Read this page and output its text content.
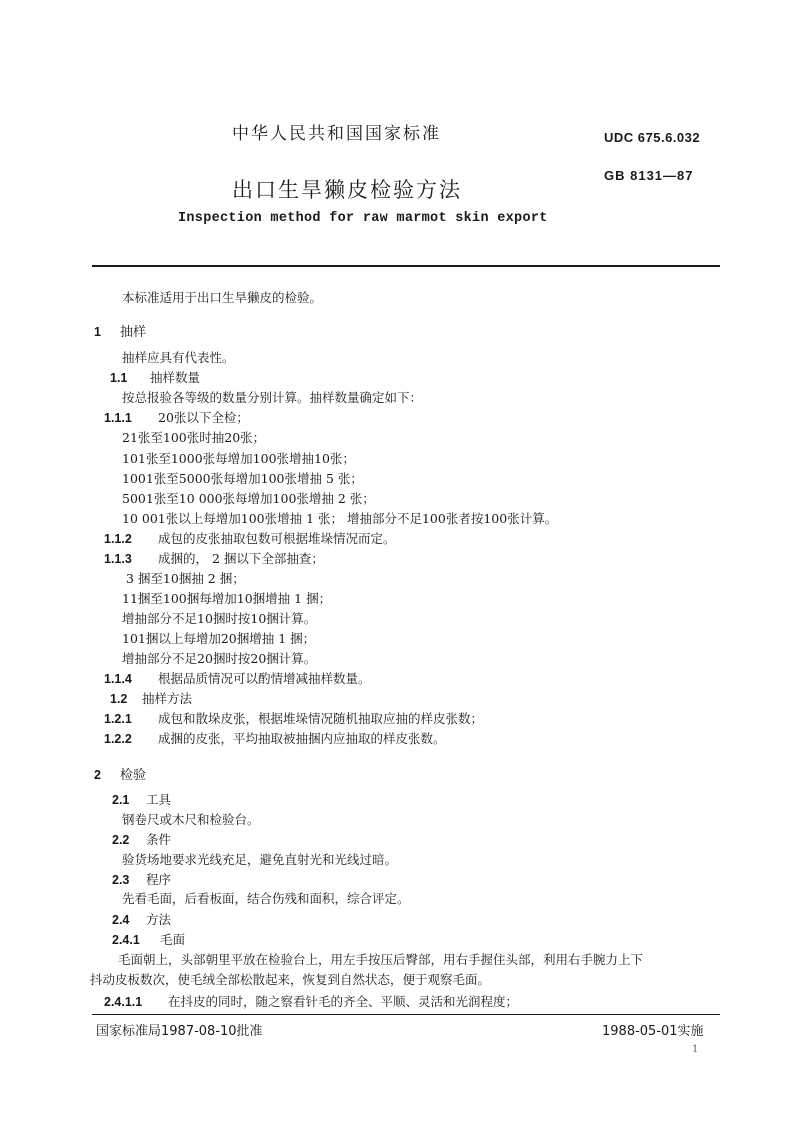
中华人民共和国国家标准	UDC 675.6.032
出口生旱獭皮检验方法
GB 8131—87
Inspection method for raw marmot skin export
本标准适用于出口生旱獭皮的检验。
1 抽样
抽样应具有代表性。
1.1 抽样数量
按总报验各等级的数量分别计算。抽样数量确定如下：
1.1.1 20张以下全检；
21张至100张时抽20张；
101张至1000张每增加100张增抽10张；
1001张至5000张每增加100张增抽 5 张；
5001张至10 000张每增加100张增抽 2 张；
10 001张以上每增加100张增抽 1 张； 增抽部分不足100张者按100张计算。
1.1.2 成包的皮张抽取包数可根据堆垛情况而定。
1.1.3 成捆的， 2 捆以下全部抽查；
3 捆至10捆抽 2 捆；
11捆至100捆每增加10捆增抽 1 捆；
增抽部分不足10捆时按10捆计算。
101捆以上每增加20捆增抽 1 捆；
增抽部分不足20捆时按20捆计算。
1.1.4 根据品质情况可以酌情增减抽样数量。
1.2 抽样方法
1.2.1 成包和散垛皮张，根据堆垛情况随机抽取应抽的样皮张数；
1.2.2 成捆的皮张，平均抽取被抽捆内应抽取的样皮张数。
2 检验
2.1 工具
钢卷尺或木尺和检验台。
2.2 条件
验货场地要求光线充足，避免直射光和光线过暗。
2.3 程序
先看毛面，后看板面，结合伤残和面积，综合评定。
2.4 方法
2.4.1 毛面
毛面朝上，头部朝里平放在检验台上，用左手按压后臀部，用右手握住头部，利用右手腕力上下
抖动皮板数次，使毛绒全部松散起来，恢复到自然状态，便于观察毛面。
2.4.1.1 在抖皮的同时，随之察看针毛的齐全、平顺、灵活和光润程度；
国家标准局1987-08-10批准	1988-05-01实施
1
